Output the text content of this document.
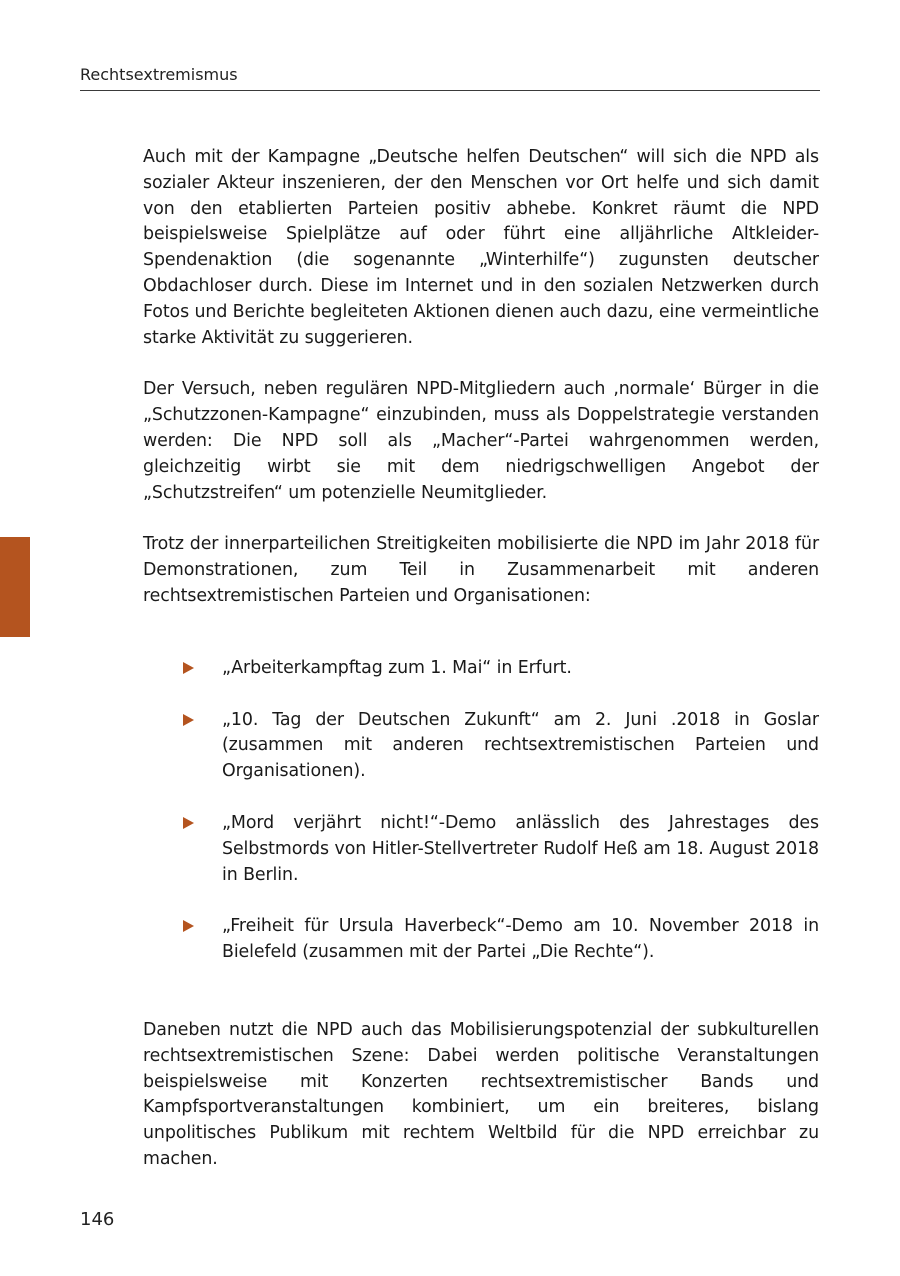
Rechtsextremismus

Auch mit der Kampagne „Deutsche helfen Deutschen“ will sich die NPD als sozialer Akteur inszenieren, der den Menschen vor Ort helfe und sich damit von den etablierten Parteien positiv abhebe. Konkret räumt die NPD beispielsweise Spielplätze auf oder führt eine alljährliche Altkleider-Spendenaktion (die sogenannte „Winterhilfe“) zugunsten deutscher Obdachloser durch. Diese im Internet und in den sozialen Netzwerken durch Fotos und Berichte begleiteten Aktionen dienen auch dazu, eine vermeintliche starke Aktivität zu suggerieren.

Der Versuch, neben regulären NPD-Mitgliedern auch ‚normale‘ Bürger in die „Schutzzonen-Kampagne“ einzubinden, muss als Doppelstrategie verstanden werden: Die NPD soll als „Macher“-Partei wahrgenommen werden, gleichzeitig wirbt sie mit dem niedrigschwelligen Angebot der „Schutzstreifen“ um potenzielle Neumitglieder.

Trotz der innerparteilichen Streitigkeiten mobilisierte die NPD im Jahr 2018 für Demonstrationen, zum Teil in Zusammenarbeit mit anderen rechtsextremistischen Parteien und Organisationen:

„Arbeiterkampftag zum 1. Mai“ in Erfurt.
„10. Tag der Deutschen Zukunft“ am 2. Juni .2018 in Goslar (zusammen mit anderen rechtsextremistischen Parteien und Organisationen).
„Mord verjährt nicht!“-Demo anlässlich des Jahrestages des Selbstmords von Hitler-Stellvertreter Rudolf Heß am 18. August 2018 in Berlin.
„Freiheit für Ursula Haverbeck“-Demo am 10. November 2018 in Bielefeld (zusammen mit der Partei „Die Rechte“).

Daneben nutzt die NPD auch das Mobilisierungspotenzial der subkulturellen rechtsextremistischen Szene: Dabei werden politische Veranstaltungen beispielsweise mit Konzerten rechtsextremistischer Bands und Kampfsportveranstaltungen kombiniert, um ein breiteres, bislang unpolitisches Publikum mit rechtem Weltbild für die NPD erreichbar zu machen.

146
